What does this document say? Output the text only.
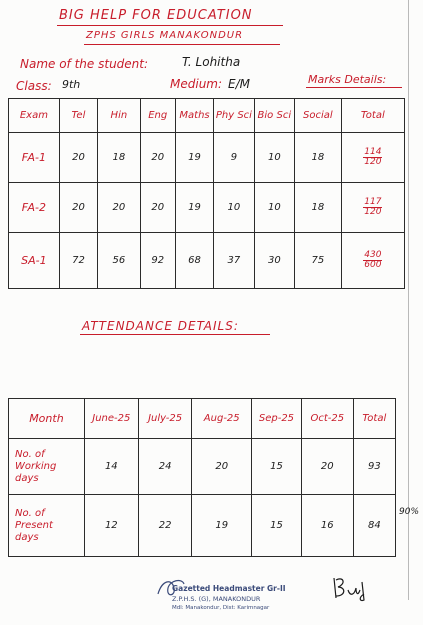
BIG HELP FOR EDUCATION
ZPHS GIRLS MANAKONDUR
Name of the student:	T. Lohitha
Class: 9th	Medium: E/M	Marks Details:
Exam	Tel	Hin	Eng	Maths	Phy Sci	Bio Sci	Social	Total
FA-1	20	18	20	19	9	10	18	$\frac{114}{120}$

FA-2	20	20	20	19	10	10	18	$\frac{117}{120}$

SA-1	72	56	92	68	37	30	75	$\frac{430}{600}$
ATTENDANCE DETAILS:
Month	June-25	July-25	Aug-25	Sep-25	Oct-25	Total

No. of
Working
days	14	24	20	15	20	93

No. of
Present
days	12	22	19	15	16	84
90%
Gazetted Headmaster Gr-II
Z.P.H.S. (G), MANAKONDUR
Mdl: Manakondur, Dist: Karimnagar
